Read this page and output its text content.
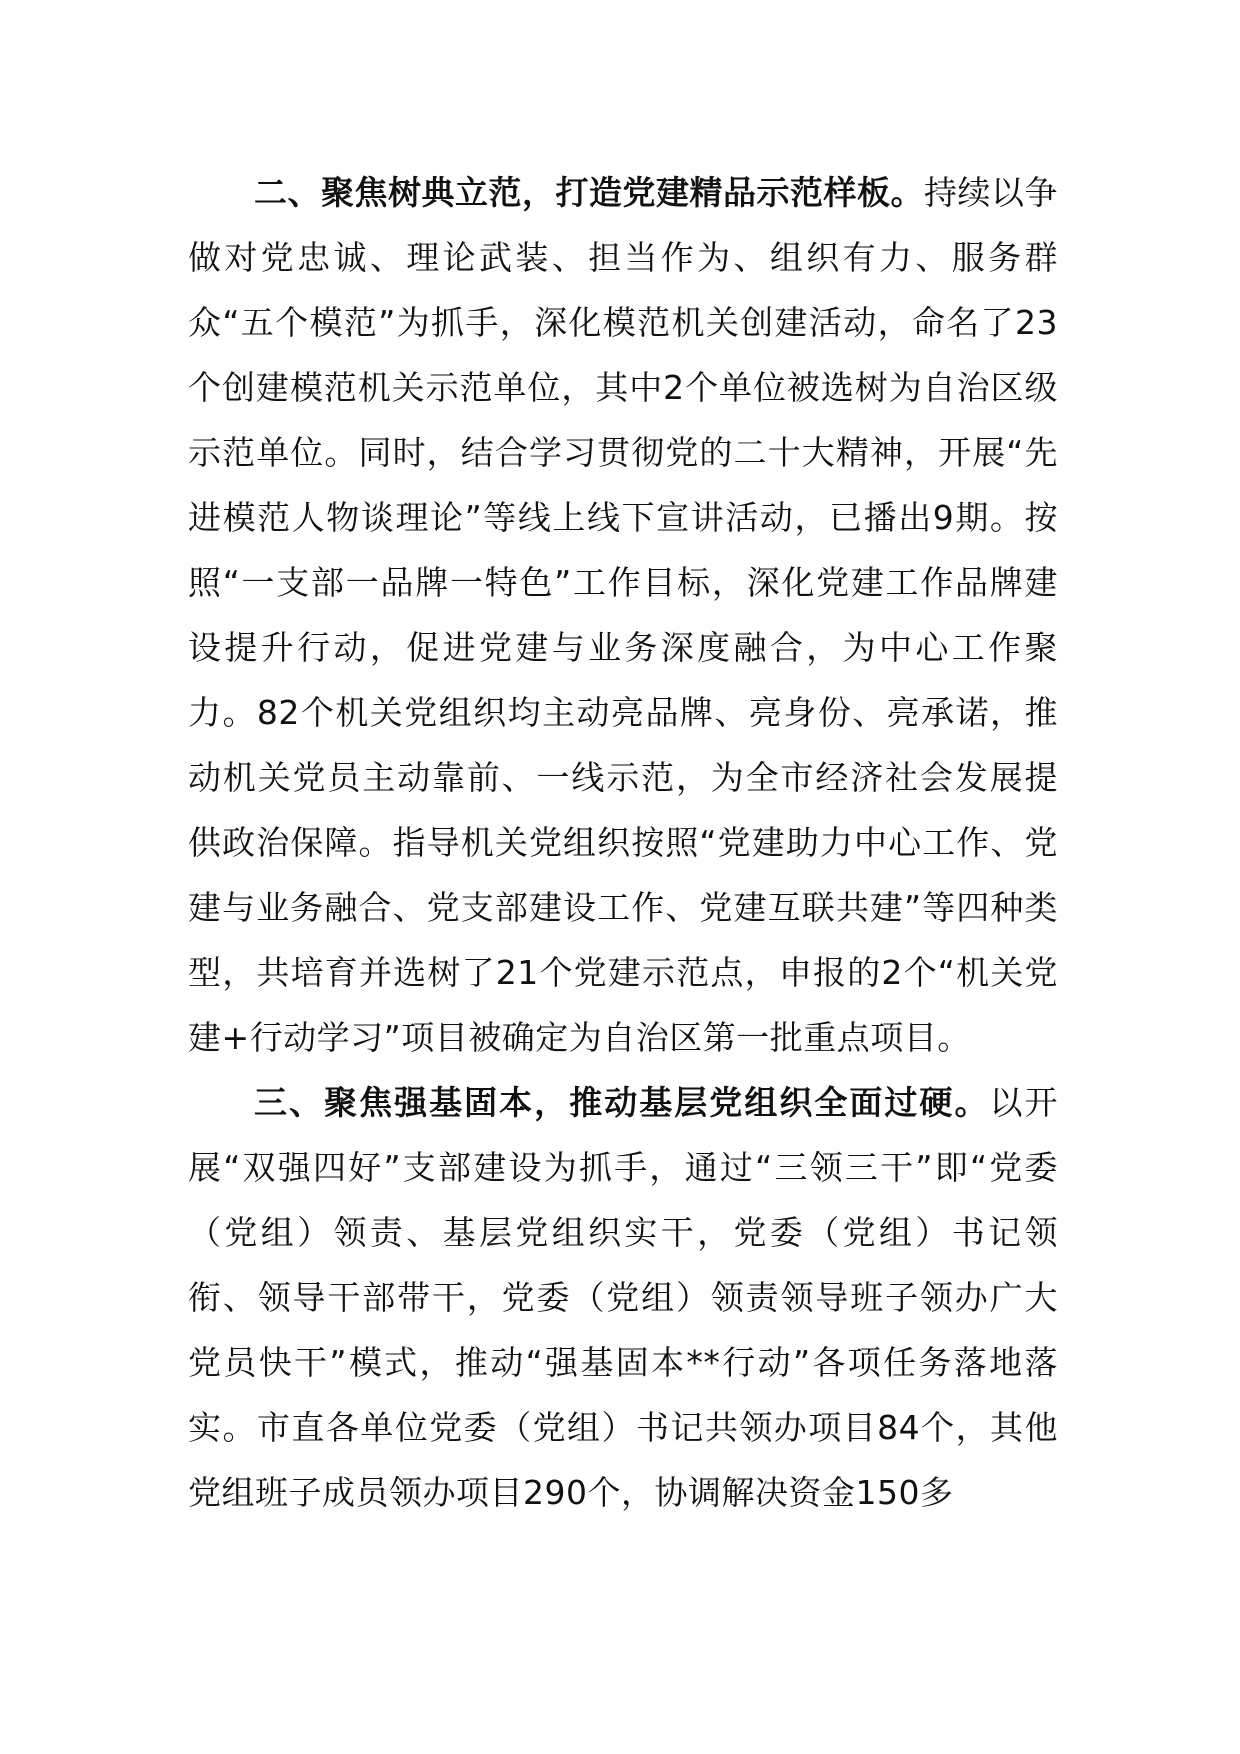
二、聚焦树典立范，打造党建精品示范样板。持续以争做对党忠诚、理论武装、担当作为、组织有力、服务群众“五个模范”为抓手，深化模范机关创建活动，命名了23个创建模范机关示范单位，其中2个单位被选树为自治区级示范单位。同时，结合学习贯彻党的二十大精神，开展“先进模范人物谈理论”等线上线下宣讲活动，已播出9期。按照“一支部一品牌一特色”工作目标，深化党建工作品牌建设提升行动，促进党建与业务深度融合，为中心工作聚力。82个机关党组织均主动亮品牌、亮身份、亮承诺，推动机关党员主动靠前、一线示范，为全市经济社会发展提供政治保障。指导机关党组织按照“党建助力中心工作、党建与业务融合、党支部建设工作、党建互联共建”等四种类型，共培育并选树了21个党建示范点，申报的2个“机关党建+行动学习”项目被确定为自治区第一批重点项目。

三、聚焦强基固本，推动基层党组织全面过硬。以开展“双强四好”支部建设为抓手，通过“三领三干”即“党委（党组）领责、基层党组织实干，党委（党组）书记领衔、领导干部带干，党委（党组）领责领导班子领办广大党员快干”模式，推动“强基固本**行动”各项任务落地落实。市直各单位党委（党组）书记共领办项目84个，其他党组班子成员领办项目290个，协调解决资金150多
